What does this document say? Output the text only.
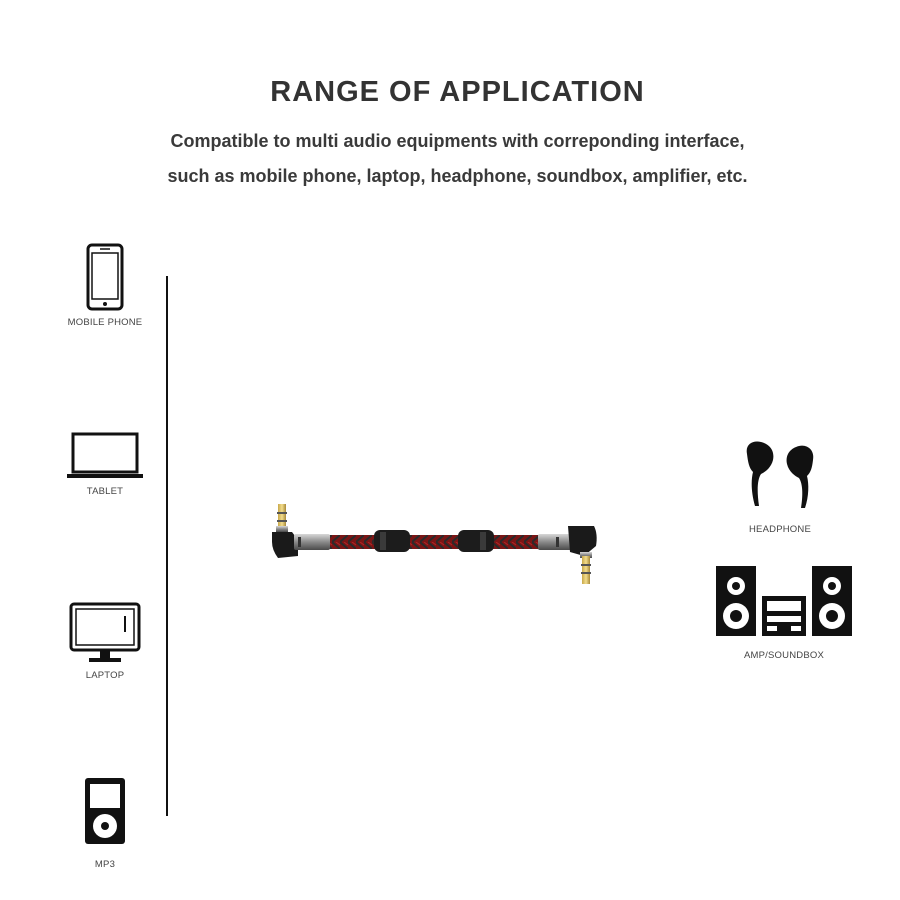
RANGE OF APPLICATION

Compatible to multi audio equipments with correponding interface,

such as mobile phone, laptop, headphone, soundbox, amplifier, etc.

MOBILE PHONE
TABLET
LAPTOP
MP3
HEADPHONE
AMP/SOUNDBOX
